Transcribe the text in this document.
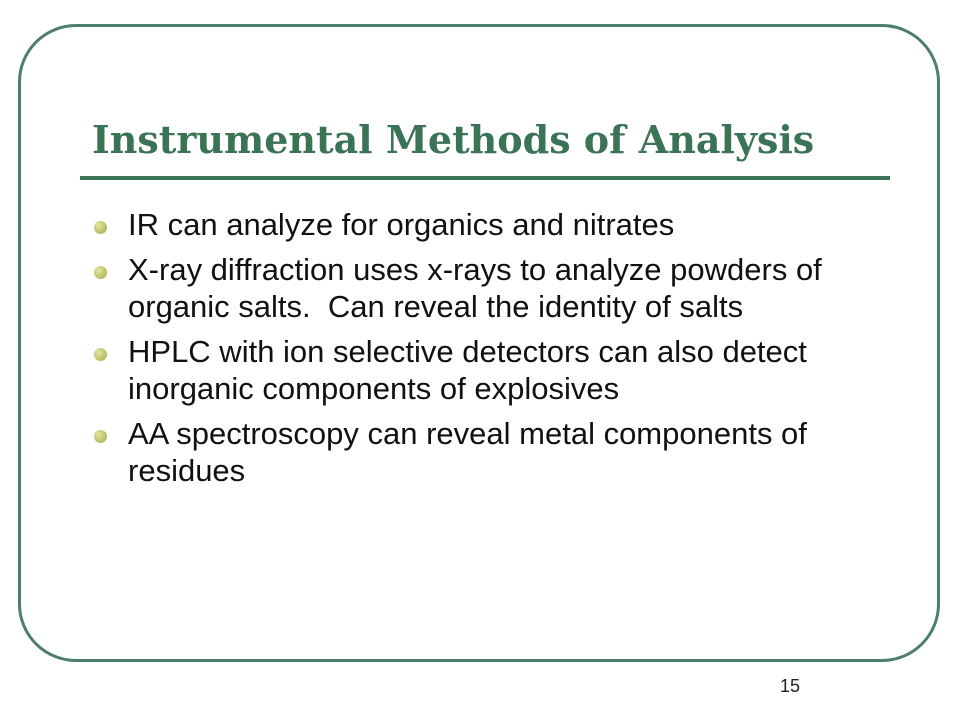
Instrumental Methods of Analysis
IR can analyze for organics and nitrates
X-ray diffraction uses x-rays to analyze powders of organic salts.  Can reveal the identity of salts
HPLC with ion selective detectors can also detect inorganic components of explosives
AA spectroscopy can reveal metal components of residues
15
